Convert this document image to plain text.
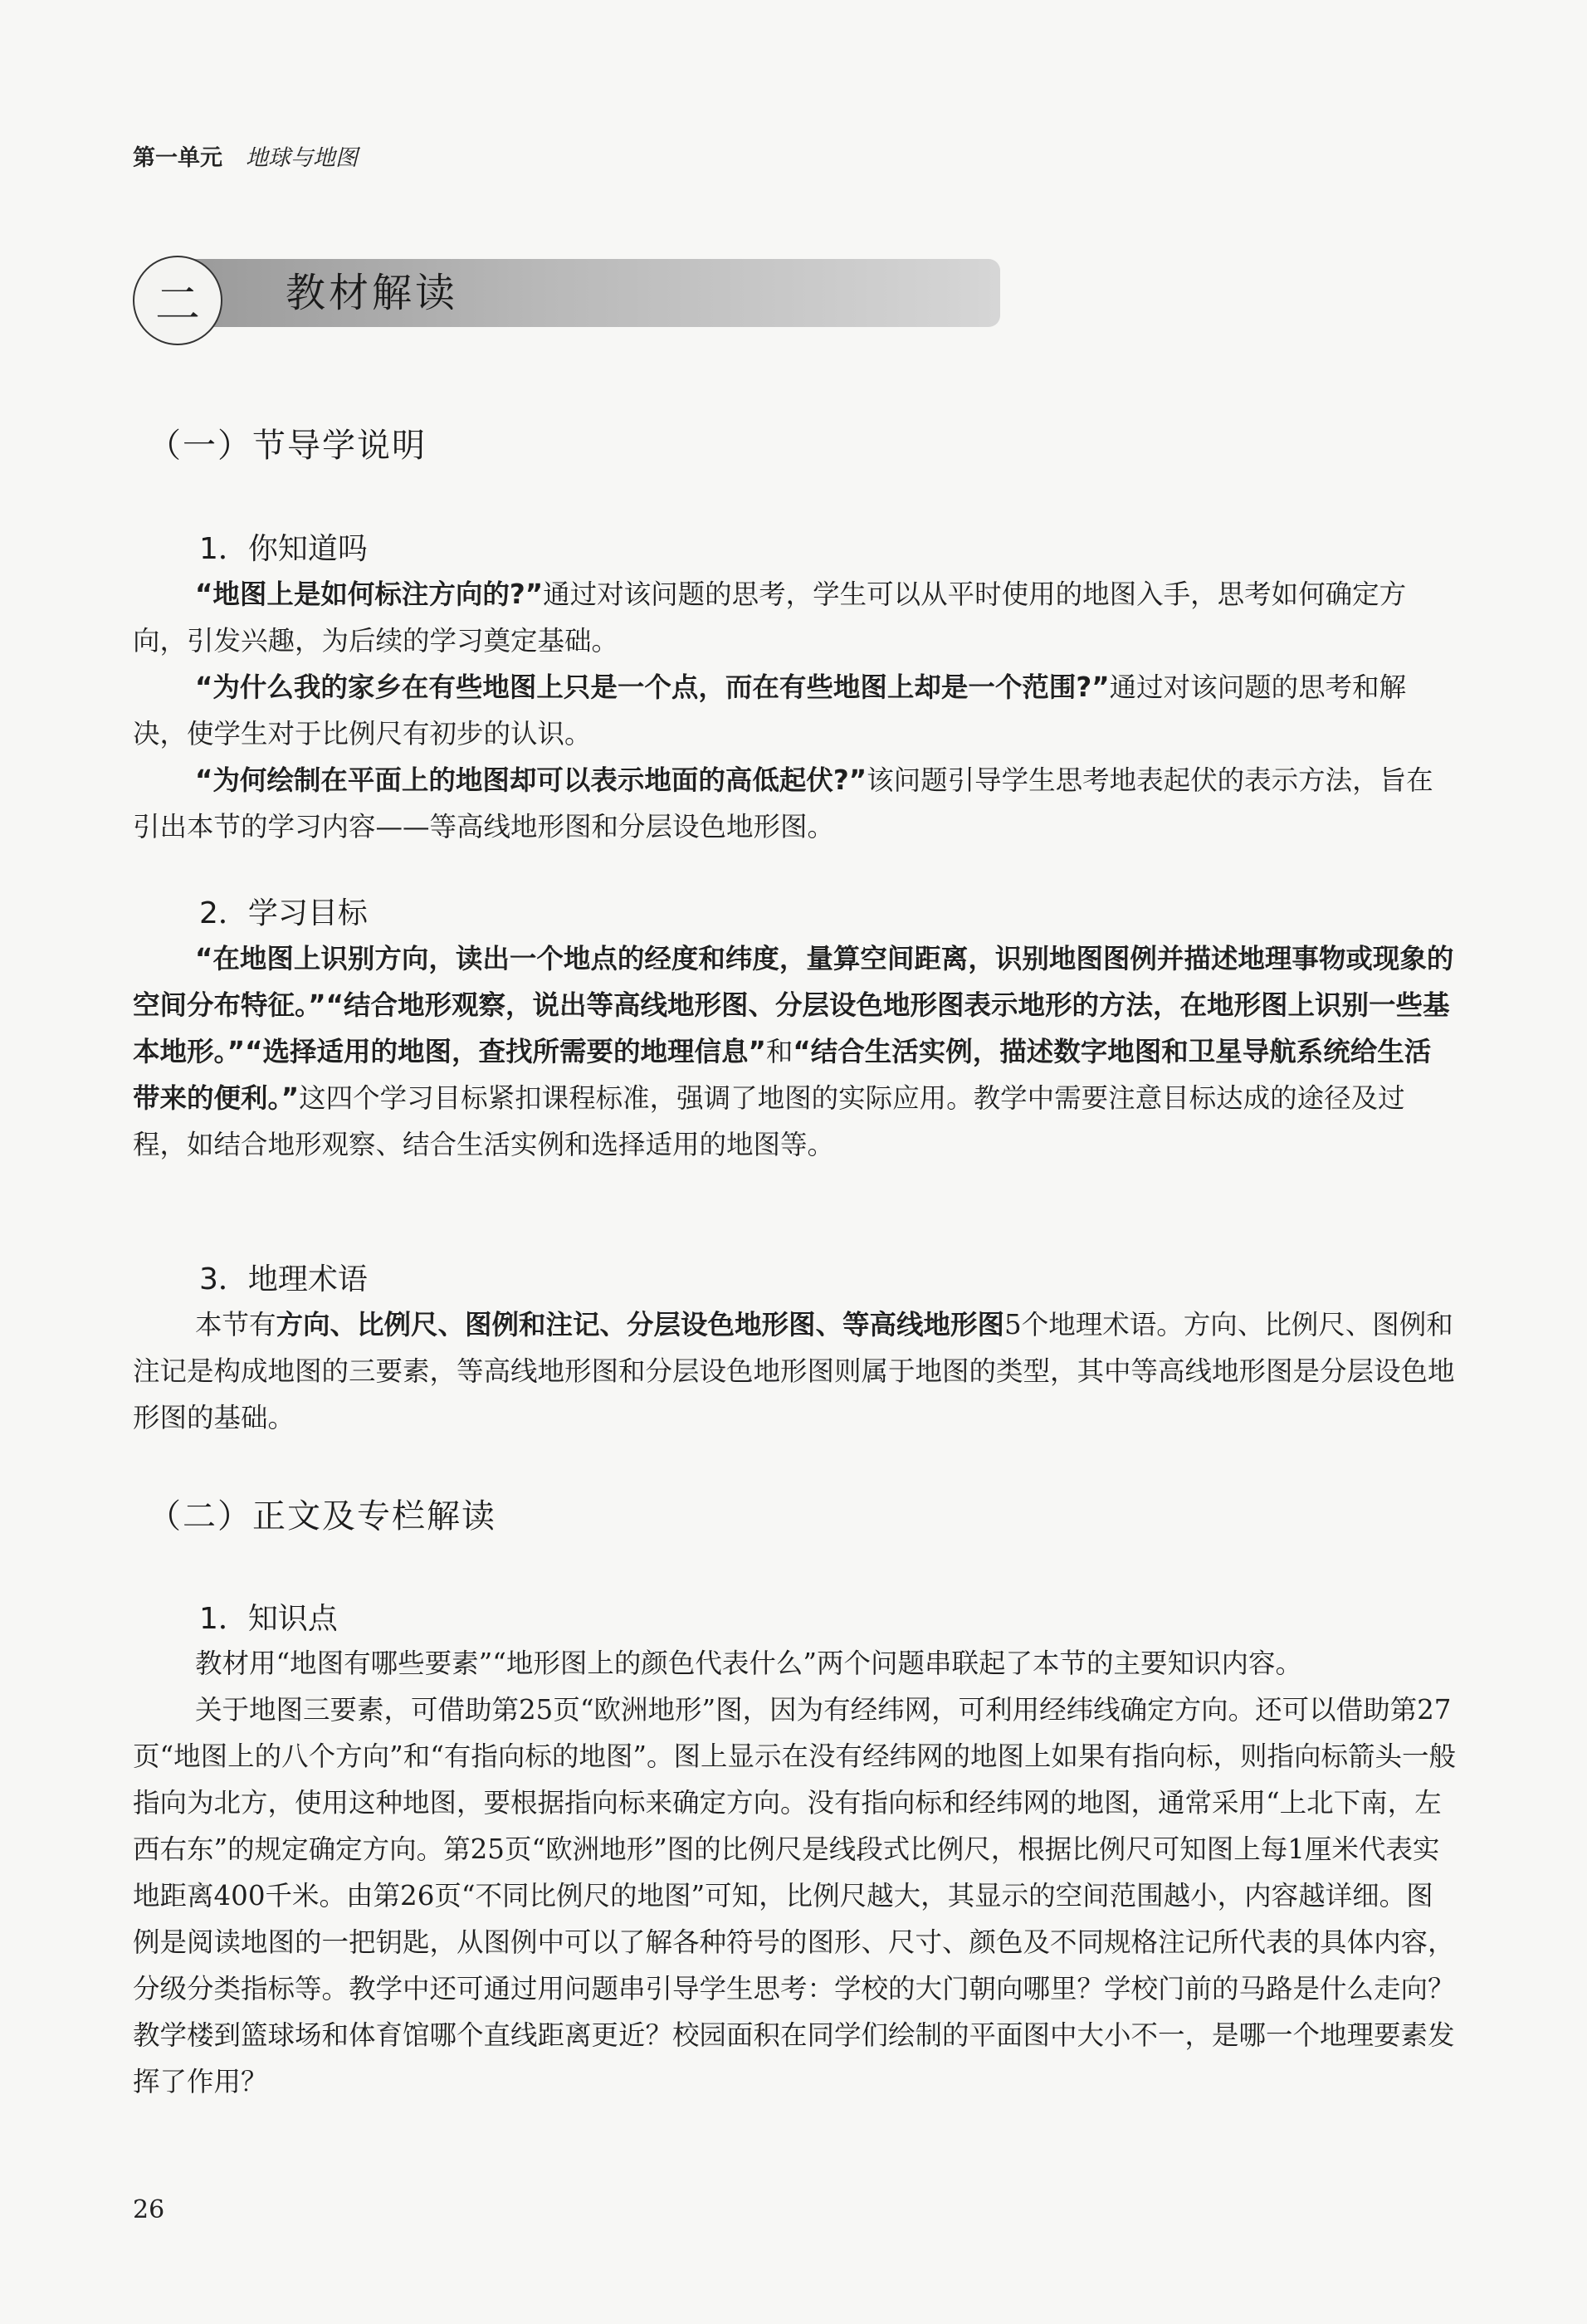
第一单元 地球与地图
二	教材解读
（一）节导学说明
1．你知道吗

“地图上是如何标注方向的?”通过对该问题的思考，学生可以从平时使用的地图入手，思考如何确定方向，引发兴趣，为后续的学习奠定基础。

“为什么我的家乡在有些地图上只是一个点，而在有些地图上却是一个范围?”通过对该问题的思考和解决，使学生对于比例尺有初步的认识。

“为何绘制在平面上的地图却可以表示地面的高低起伏?”该问题引导学生思考地表起伏的表示方法，旨在引出本节的学习内容——等高线地形图和分层设色地形图。

2．学习目标

“在地图上识别方向，读出一个地点的经度和纬度，量算空间距离，识别地图图例并描述地理事物或现象的空间分布特征。”“结合地形观察，说出等高线地形图、分层设色地形图表示地形的方法，在地形图上识别一些基本地形。”“选择适用的地图，查找所需要的地理信息”和“结合生活实例，描述数字地图和卫星导航系统给生活带来的便利。”这四个学习目标紧扣课程标准，强调了地图的实际应用。教学中需要注意目标达成的途径及过程，如结合地形观察、结合生活实例和选择适用的地图等。

3．地理术语

本节有方向、比例尺、图例和注记、分层设色地形图、等高线地形图5个地理术语。方向、比例尺、图例和注记是构成地图的三要素，等高线地形图和分层设色地形图则属于地图的类型，其中等高线地形图是分层设色地形图的基础。

（二）正文及专栏解读
1．知识点

教材用“地图有哪些要素”“地形图上的颜色代表什么”两个问题串联起了本节的主要知识内容。

关于地图三要素，可借助第25页“欧洲地形”图，因为有经纬网，可利用经纬线确定方向。还可以借助第27页“地图上的八个方向”和“有指向标的地图”。图上显示在没有经纬网的地图上如果有指向标，则指向标箭头一般指向为北方，使用这种地图，要根据指向标来确定方向。没有指向标和经纬网的地图，通常采用“上北下南，左西右东”的规定确定方向。第25页“欧洲地形”图的比例尺是线段式比例尺，根据比例尺可知图上每1厘米代表实地距离400千米。由第26页“不同比例尺的地图”可知，比例尺越大，其显示的空间范围越小，内容越详细。图例是阅读地图的一把钥匙，从图例中可以了解各种符号的图形、尺寸、颜色及不同规格注记所代表的具体内容，分级分类指标等。教学中还可通过用问题串引导学生思考：学校的大门朝向哪里？学校门前的马路是什么走向？教学楼到篮球场和体育馆哪个直线距离更近？校园面积在同学们绘制的平面图中大小不一，是哪一个地理要素发挥了作用？

26
